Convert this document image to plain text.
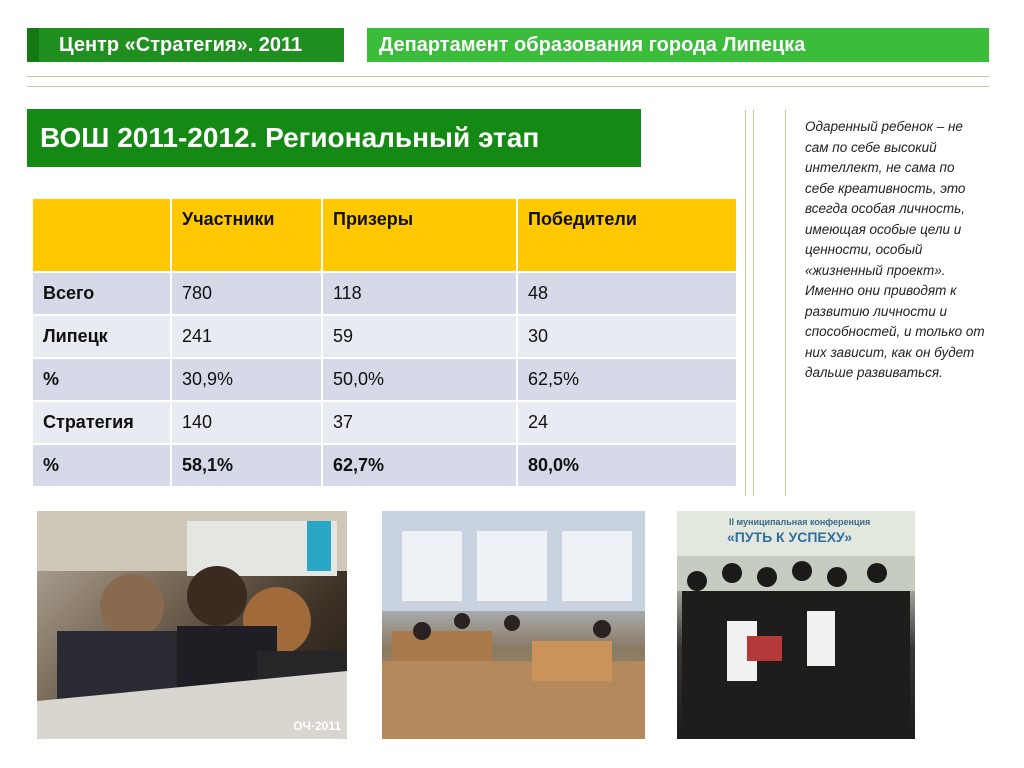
Центр «Стратегия». 2011	Департамент образования города Липецка
ВОШ 2011-2012. Региональный этап
	Участники	Призеры	Победители
Всего	780	118	48
Липецк	241	59	30
%	30,9%	50,0%	62,5%
Стратегия	140	37	24
%	58,1%	62,7%	80,0%
Одаренный ребенок – не сам по себе высокий интеллект, не сама по себе креативность, это всегда особая личность, имеющая особые цели и ценности, особый «жизненный проект». Именно они приводят к развитию личности и способностей, и только от них зависит, как он будет дальше развиваться.
ОЧ·2011
II муниципальная конференция
«ПУТЬ К УСПЕХУ»
